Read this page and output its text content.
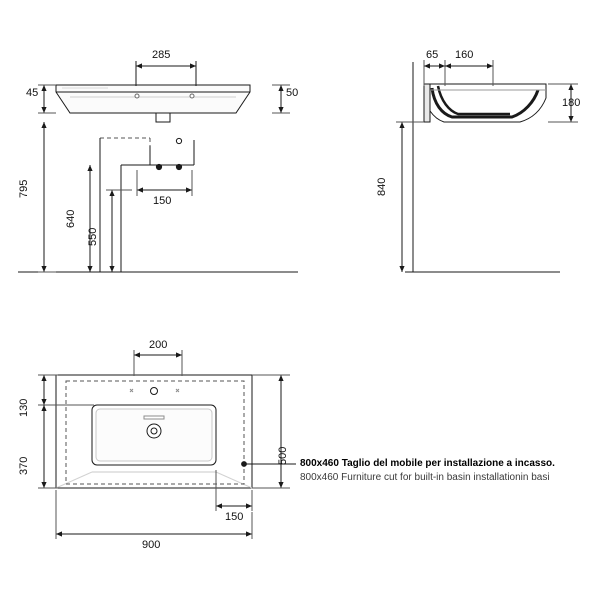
285
45	50
795
640
550
150
65 160
180
840
200
130
370
500
150
900
800x460 Taglio del mobile per installazione a incasso.
800x460 Furniture cut for built-in basin installationin basi
